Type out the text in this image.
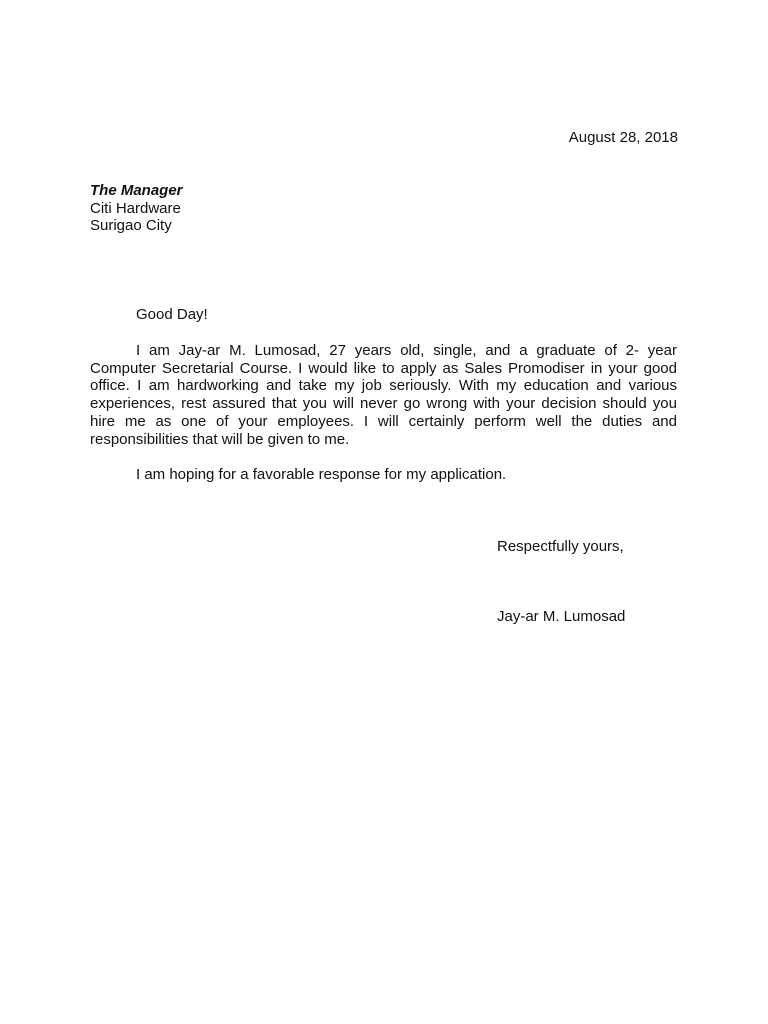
August 28, 2018
The Manager
Citi Hardware
Surigao City
Good Day!
I am Jay-ar M. Lumosad, 27 years old, single, and a graduate of 2- year Computer Secretarial Course. I would like to apply as Sales Promodiser in your good office. I am hardworking and take my job seriously. With my education and various experiences, rest assured that you will never go wrong with your decision should you hire me as one of your employees. I will certainly perform well the duties and responsibilities that will be given to me.
I am hoping for a favorable response for my application.
Respectfully yours,
Jay-ar M. Lumosad
